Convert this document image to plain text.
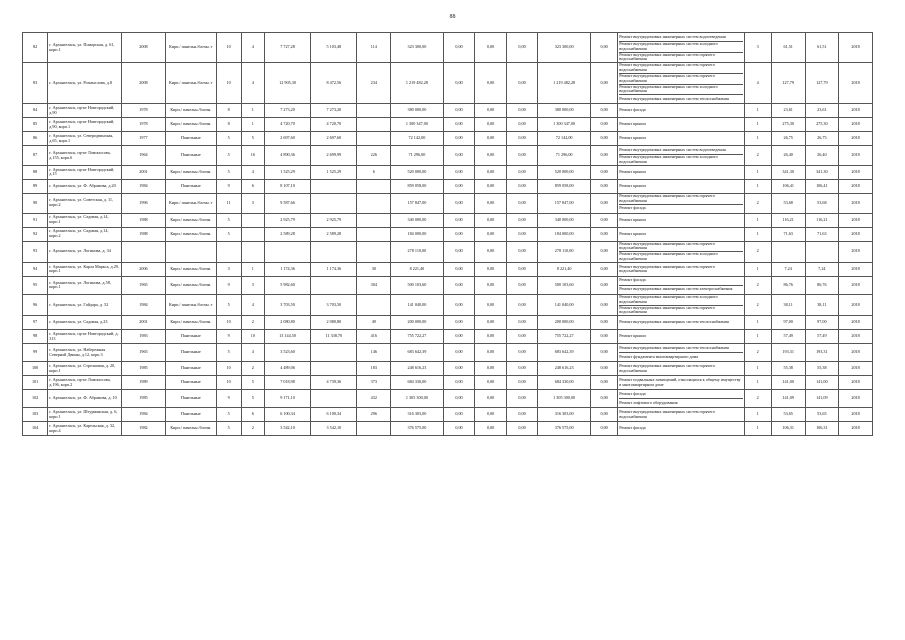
88
82	г. Архангельск, ул. Поморская, д. 61, корп.1	2008	Кирп./ панельн./блочн. т	10	4	7 727,28	5 103,48	114	323 300,00	0,00	0,00	0,00	323 300,00	0,00	Ремонт внутридомовых инженерных систем водоотведения
Ремонт внутридомовых инженерных систем холодного водоснабжения
Ремонт внутридомовых инженерных систем горячего водоснабжения	3	61,51	61,51	2018
83	г. Архангельск, ул. Розмыслова, д.8	2008	Кирп./ панельн./блочн. т	10	4	12 905,30	8 472,56	234	1 219 482,28	0,00	0,00	0,00	1 219 482,28	0,00	Ремонт внутридомовых инженерных систем горячего водоснабжения
Ремонт внутридомовых инженерных систем горячего водоснабжения
Ремонт внутридомовых инженерных систем холодного водоснабжения
Ремонт внутридомовых инженерных систем теплоснабжения	4	127,79	127,79	2018
84	г. Архангельск, пр-кт Новгородский, д.90	1978	Кирп./ панельн./блочн.	8	1	7 273,20	7 273,20		380 000,00	0,00	0,00	0,00	380 000,00	0,00	Ремонт фасада	1	23,61	23,61	2018
85	г. Архангельск, пр-кт Новгородский, д.90, корп.1	1978	Кирп./ панельн./блочн.	8	1	4 720,70	4 720,70		1 300 347,00	0,00	0,00	0,00	1 300 347,00	0,00	Ремонт крыши	1	275,30	275,30	2018
86	г. Архангельск, ул. Северодвинская, д.65, корп.1	1977	Панельные	5	5	2 697,60	2 697,60		72 142,00	0,00	0,00	0,00	72 142,00	0,00	Ремонт крыши	1	26,75	26,75	2018
87	г. Архангельск, пр-кт Ломоносова, д.155, корп.6	1964	Панельные	5	16	4 890,36	2 699,99	226	71 296,00	0,00	0,00	0,00	71 296,00	0,00	Ремонт внутридомовых инженерных систем водоотведения
Ремонт внутридомовых инженерных систем холодного водоснабжения	2	26,40	26,40	2018
88	г. Архангельск, пр-кт Новгородский, д.15	2001	Кирп./ панельн./блочн.	5	4	1 525,29	1 525,29	6	520 000,00	0,00	0,00	0,00	520 000,00	0,00	Ремонт крыши	1	341,30	341,30	2018
89	г. Архангельск, ул. Ф. Абрамова, д.20	1984	Панельные	9	6	8 107,10			859 058,00	0,00	0,00	0,00	859 058,00	0,00	Ремонт крыши	1	106,41	106,41	2018
90	г. Архангельск, ул. Советская, д. 11, корп.2	1996	Кирп./ панельн./блочн. т	11	3	9 587,66			157 847,00	0,00	0,00	0,00	157 847,00	0,00	Ремонт внутридомовых инженерных систем горячего водоснабжения
Ремонт фасада	2	53,68	53,68	2018
91	г. Архангельск, ул. Садовая, д.14, корп.1	1988	Кирп./ панельн./блочн.	5		2 925,79	2 925,79		340 000,00	0,00	0,00	0,00	340 000,00	0,00	Ремонт крыши	1	116,21	116,21	2018
92	г. Архангельск, ул. Садовая, д.14, корп.2	1988	Кирп./ панельн./блочн.	5		2 589,28	2 589,28		184 000,00	0,00	0,00	0,00	184 000,00	0,00	Ремонт крыши	1	71,63	71,63	2018
93	г. Архангельск, ул. Логинова, д. 34								278 110,00	0,00	0,00	0,00	278 110,00	0,00	Ремонт внутридомовых инженерных систем горячего водоснабжения
Ремонт внутридомовых инженерных систем холодного водоснабжения	2			2018
94	г. Архангельск, ул. Карла Маркса, д.29, корп.1	2006	Кирп./ панельн./блочн.	3	1	1 174,36	1 174,36	30	8 221,40	0,00	0,00	0,00	8 221,40	0,00	Ремонт внутридомовых инженерных систем горячего водоснабжения	1	7,24	7,24	2018
95	г. Архангельск, ул. Логинова, д.58, корп.1	1965	Кирп./ панельн./блочн.	9	3	5 982,60		304	500 103,60	0,00	0,00	0,00	500 103,60	0,00	Ремонт фасада
Ремонт внутридомовых инженерных систем электроснабжения	2	86,76	86,76	2018
96	г. Архангельск, ул. Гайдара, д. 52	1984	Кирп./ панельн./блочн. т	5	4	3 703,50	3 703,50		141 040,00	0,00	0,00	0,00	141 040,00	0,00	Ремонт внутридомовых инженерных систем холодного водоснабжения
Ремонт внутридомовых инженерных систем горячего водоснабжения	2	38,11	38,11	2018
97	г. Архангельск, ул. Садовая, д.23	2001	Кирп./ панельн./блочн.	10	2	2 080,80	2 080,80	49	200 000,00	0,00	0,00	0,00	200 000,00	0,00	Ремонт внутридомовых инженерных систем теплоснабжения	1	97,00	97,00	2018
98	г. Архангельск, пр-кт Новгородский, д. 313	1983	Панельные	9	10	13 144,50	11 338,70	416	755 722,27	0,00	0,00	0,00	755 722,27	0,00	Ремонт крыши	1	57,49	57,49	2018
99	г. Архангельск, ул. Набережная Северной Двины, д.12, корп.3	1965	Панельные	5	4	3 523,60		146	683 642,39	0,00	0,00	0,00	683 642,39	0,00	Ремонт внутридомовых инженерных систем теплоснабжения
Ремонт фундамента многоквартирного дома	2	193,31	193,31	2018
100	г. Архангельск, ул. Стрелковая, д. 20, корп.1	1985	Панельные	10	2	4 489,06		183	248 616,23	0,00	0,00	0,00	248 616,23	0,00	Ремонт внутридомовых инженерных систем горячего водоснабжения	1	55,38	55,38	2018
101	г. Архангельск, пр-кт Ломоносова, д.196, корп.2	1989	Панельные	10	5	7 018,98	4 739,36	373	684 330,00	0,00	0,00	0,00	684 330,00	0,00	Ремонт подвальных помещений, относящихся к общему имуществу в многоквартирном доме	1	141,00	141,00	2018
102	г. Архангельск, ул. Ф. Абрамова, д. 10	1985	Панельные	9	5	9 171,10		432	1 305 300,00	0,00	0,00	0,00	1 305 300,00	0,00	Ремонт фасада
Ремонт лифтового оборудования	2	141,09	141,09	2018
103	г. Архангельск, ул. Штурманская, д. 6, корп.1	1984	Панельные	5	6	6 100,34	6 100,34	296	316 303,00	0,00	0,00	0,00	316 303,00	0,00	Ремонт внутридомовых инженерных систем горячего водоснабжения	1	53,65	53,65	2018
104	г. Архангельск, ул. Карельская, д. 32, корп.4	1982	Кирп./ панельн./блочн.	5	2	3 542,10	3 542,10		376 575,00	0,00	0,00	0,00	376 575,00	0,00	Ремонт фасада	1	106,31	106,31	2018
